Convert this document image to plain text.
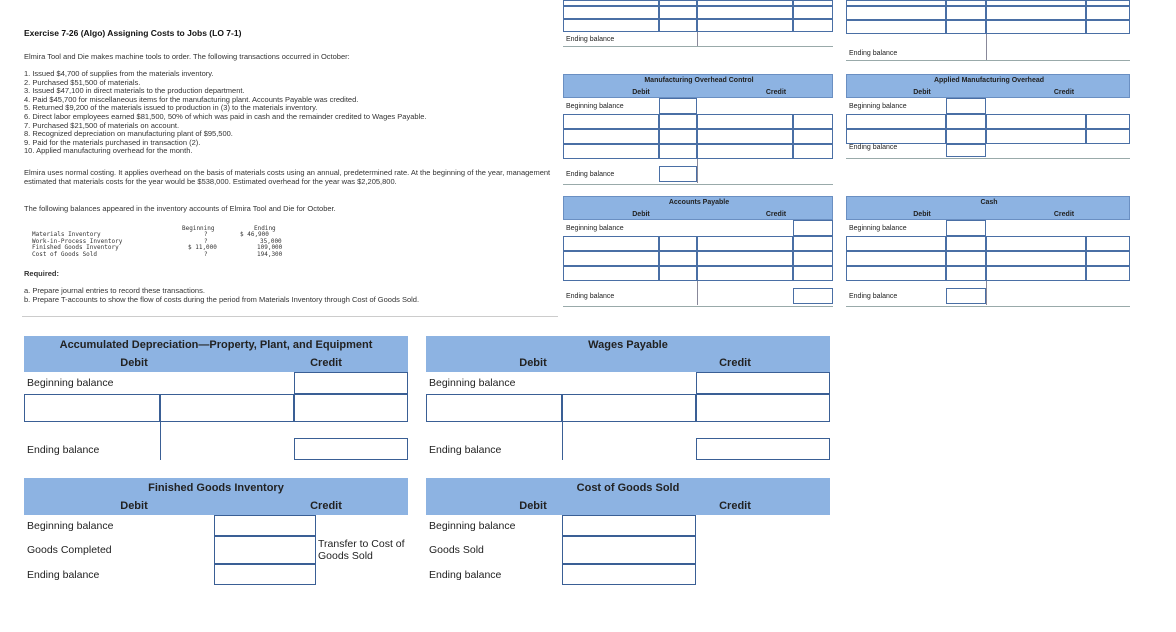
Exercise 7-26 (Algo) Assigning Costs to Jobs (LO 7-1)
Elmira Tool and Die makes machine tools to order. The following transactions occurred in October:
1. Issued $4,700 of supplies from the materials inventory.
2. Purchased $51,500 of materials.
3. Issued $47,100 in direct materials to the production department.
4. Paid $45,700 for miscellaneous items for the manufacturing plant. Accounts Payable was credited.
5. Returned $9,200 of the materials issued to production in (3) to the materials inventory.
6. Direct labor employees earned $81,500, 50% of which was paid in cash and the remainder credited to Wages Payable.
7. Purchased $21,500 of materials on account.
8. Recognized depreciation on manufacturing plant of $95,500.
9. Paid for the materials purchased in transaction (2).
10. Applied manufacturing overhead for the month.
Elmira uses normal costing. It applies overhead on the basis of materials costs using an annual, predetermined rate. At the beginning of the year, management estimated that materials costs for the year would be $538,000. Estimated overhead for the year was $2,205,800.
The following balances appeared in the inventory accounts of Elmira Tool and Die for October.
Beginning	Ending
Materials Inventory	?	$ 46,900
Work-in-Process Inventory	?	35,000
Finished Goods Inventory	$ 11,000	109,000
Cost of Goods Sold	?	194,300
Required:
a. Prepare journal entries to record these transactions.
b. Prepare T-accounts to show the flow of costs during the period from Materials Inventory through Cost of Goods Sold.
Ending balance
Ending balance
Manufacturing Overhead Control
Debit	Credit
Beginning balance
Ending balance
Applied Manufacturing Overhead
Debit	Credit
Beginning balance
Ending balance
Accounts Payable
Debit	Credit
Beginning balance
Ending balance
Cash
Debit	Credit
Beginning balance
Ending balance
Accumulated Depreciation—Property, Plant, and Equipment
Debit	Credit
Beginning balance
Ending balance
Wages Payable
Debit	Credit
Beginning balance
Ending balance
Finished Goods Inventory
Debit	Credit
Beginning balance
Goods Completed	Transfer to Cost of Goods Sold
Ending balance
Cost of Goods Sold
Debit	Credit
Beginning balance
Goods Sold
Ending balance
